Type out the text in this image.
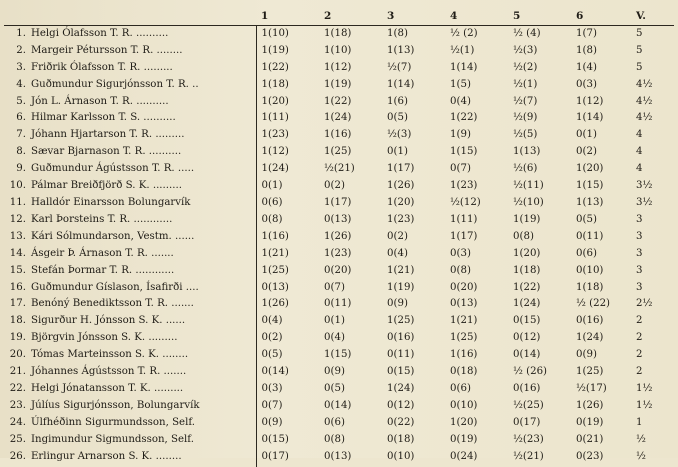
	1	2	3	4	5	6	V.
1. Helgi Ólafsson T. R. ..........	1(10)	1(18)	1(8)	½ (2)	½ (4)	1(7)	5
2. Margeir Pétursson T. R. ........	1(19)	1(10)	1(13)	½(1)	½(3)	1(8)	5
3. Friðrik Ólafsson T. R. .........	1(22)	1(12)	½(7)	1(14)	½(2)	1(4)	5
4. Guðmundur Sigurjónsson T. R. ..	1(18)	1(19)	1(14)	1(5)	½(1)	0(3)	4½
5. Jón L. Árnason T. R. ..........	1(20)	1(22)	1(6)	0(4)	½(7)	1(12)	4½
6. Hilmar Karlsson T. S. ..........	1(11)	1(24)	0(5)	1(22)	½(9)	1(14)	4½
7. Jóhann Hjartarson T. R. .........	1(23)	1(16)	½(3)	1(9)	½(5)	0(1)	4
8. Sævar Bjarnason T. R. ..........	1(12)	1(25)	0(1)	1(15)	1(13)	0(2)	4
9. Guðmundur Ágústsson T. R. .....	1(24)	½(21)	1(17)	0(7)	½(6)	1(20)	4
10. Pálmar Breiðfjörð S. K. .........	0(1)	0(2)	1(26)	1(23)	½(11)	1(15)	3½
11. Halldór Einarsson Bolungarvík	0(6)	1(17)	1(20)	½(12)	½(10)	1(13)	3½
12. Karl Þorsteins T. R. ............	0(8)	0(13)	1(23)	1(11)	1(19)	0(5)	3
13. Kári Sólmundarson, Vestm. ......	1(16)	1(26)	0(2)	1(17)	0(8)	0(11)	3
14. Ásgeir Þ. Árnason T. R. .......	1(21)	1(23)	0(4)	0(3)	1(20)	0(6)	3
15. Stefán Þormar T. R. ............	1(25)	0(20)	1(21)	0(8)	1(18)	0(10)	3
16. Guðmundur Gíslason, Ísafirði ....	0(13)	0(7)	1(19)	0(20)	1(22)	1(18)	3
17. Benóný Benediktsson T. R. .......	1(26)	0(11)	0(9)	0(13)	1(24)	½ (22)	2½
18. Sigurður H. Jónsson S. K. ......	0(4)	0(1)	1(25)	1(21)	0(15)	0(16)	2
19. Björgvin Jónsson S. K. .........	0(2)	0(4)	0(16)	1(25)	0(12)	1(24)	2
20. Tómas Marteinsson S. K. ........	0(5)	1(15)	0(11)	1(16)	0(14)	0(9)	2
21. Jóhannes Ágústsson T. R. .......	0(14)	0(9)	0(15)	0(18)	½ (26)	1(25)	2
22. Helgi Jónatansson T. K. .........	0(3)	0(5)	1(24)	0(6)	0(16)	½(17)	1½
23. Júlíus Sigurjónsson, Bolungarvík	0(7)	0(14)	0(12)	0(10)	½(25)	1(26)	1½
24. Úlfhéðinn Sigurmundsson, Self.	0(9)	0(6)	0(22)	1(20)	0(17)	0(19)	1
25. Ingimundur Sigmundsson, Self.	0(15)	0(8)	0(18)	0(19)	½(23)	0(21)	½
26. Erlingur Arnarson S. K. ........	0(17)	0(13)	0(10)	0(24)	½(21)	0(23)	½
